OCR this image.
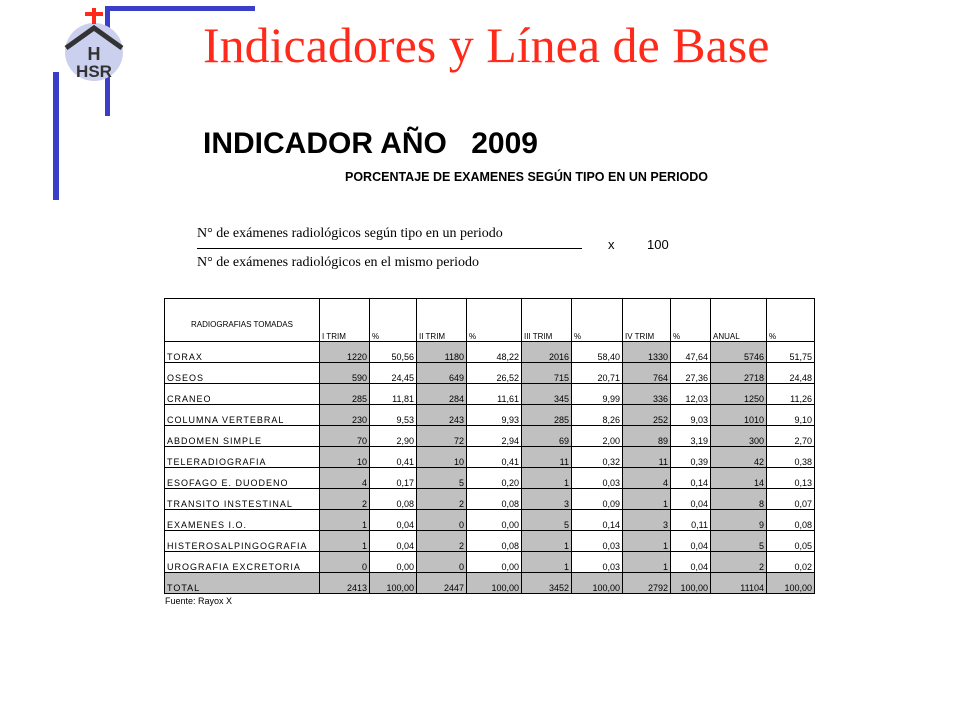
H
HSR Indicadores y Línea de Base
INDICADOR AÑO 2009
PORCENTAJE DE EXAMENES SEGÚN TIPO EN UN PERIODO
N° de exámenes radiológicos según tipo en un periodo
N° de exámenes radiológicos en el mismo periodo
x	100
RADIOGRAFIAS TOMADAS	I TRIM	%	II TRIM	%	III TRIM	%	IV TRIM	%	ANUAL	%
TORAX	1220	50,56	1180	48,22	2016	58,40	1330	47,64	5746	51,75
OSEOS	590	24,45	649	26,52	715	20,71	764	27,36	2718	24,48
CRANEO	285	11,81	284	11,61	345	9,99	336	12,03	1250	11,26
COLUMNA VERTEBRAL	230	9,53	243	9,93	285	8,26	252	9,03	1010	9,10
ABDOMEN SIMPLE	70	2,90	72	2,94	69	2,00	89	3,19	300	2,70
TELERADIOGRAFIA	10	0,41	10	0,41	11	0,32	11	0,39	42	0,38
ESOFAGO E. DUODENO	4	0,17	5	0,20	1	0,03	4	0,14	14	0,13
TRANSITO INSTESTINAL	2	0,08	2	0,08	3	0,09	1	0,04	8	0,07
EXAMENES I.O.	1	0,04	0	0,00	5	0,14	3	0,11	9	0,08
HISTEROSALPINGOGRAFIA	1	0,04	2	0,08	1	0,03	1	0,04	5	0,05
UROGRAFIA EXCRETORIA	0	0,00	0	0,00	1	0,03	1	0,04	2	0,02
TOTAL	2413	100,00	2447	100,00	3452	100,00	2792	100,00	11104	100,00
Fuente: Rayox X
